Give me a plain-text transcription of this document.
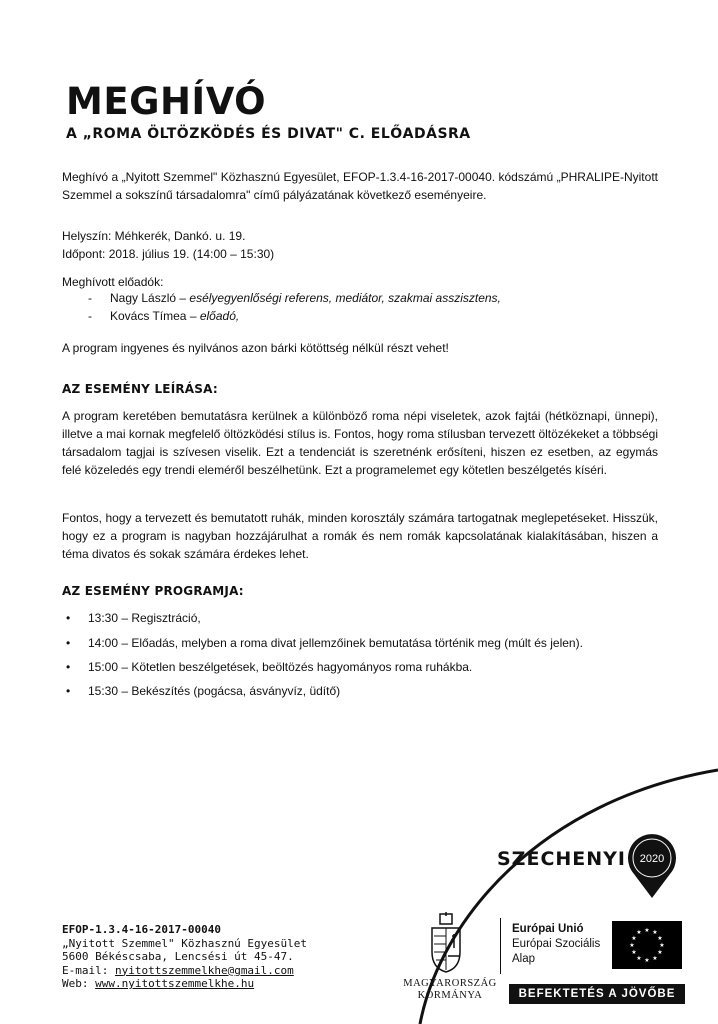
MEGHÍVÓ
A „ROMA ÖLTÖZKÖDÉS ÉS DIVAT" C. ELŐADÁSRA
Meghívó a „Nyitott Szemmel" Közhasznú Egyesület, EFOP-1.3.4-16-2017-00040. kódszámú „PHRALIPE-Nyitott Szemmel a sokszínű társadalomra" című pályázatának következő eseményeire.
Helyszín: Méhkerék, Dankó. u. 19.
Időpont: 2018. július 19. (14:00 – 15:30)
Meghívott előadók:
- Nagy László – esélyegyenlőségi referens, mediátor, szakmai asszisztens,
- Kovács Tímea – előadó,
A program ingyenes és nyilvános azon bárki kötöttség nélkül részt vehet!
AZ ESEMÉNY LEÍRÁSA:
A program keretében bemutatásra kerülnek a különböző roma népi viseletek, azok fajtái (hétköznapi, ünnepi), illetve a mai kornak megfelelő öltözködési stílus is. Fontos, hogy roma stílusban tervezett öltözékeket a többségi társadalom tagjai is szívesen viselik. Ezt a tendenciát is szeretnénk erősíteni, hiszen ez esetben, az egymás felé közeledés egy trendi eleméről beszélhetünk. Ezt a programelemet egy kötetlen beszélgetés kíséri.
Fontos, hogy a tervezett és bemutatott ruhák, minden korosztály számára tartogatnak meglepetéseket. Hisszük, hogy ez a program is nagyban hozzájárulhat a romák és nem romák kapcsolatának kialakításában, hiszen a téma divatos és sokak számára érdekes lehet.
AZ ESEMÉNY PROGRAMJA:
• 13:30 – Regisztráció,
• 14:00 – Előadás, melyben a roma divat jellemzőinek bemutatása történik meg (múlt és jelen).
• 15:00 – Kötetlen beszélgetések, beöltözés hagyományos roma ruhákba.
• 15:30 – Bekészítés (pogácsa, ásványvíz, üdítő)
SZÉCHENYI 2020
EFOP-1.3.4-16-2017-00040
„Nyitott Szemmel" Közhasznú Egyesület
5600 Békéscsaba, Lencsési út 45-47.
E-mail: nyitottszemmelkhe@gmail.com
Web: www.nyitottszemmelkhe.hu	MAGYARORSZÁG
KORMÁNYA
Európai Unió
Európai Szociális
Alap
★ ★
★
★
★
★
★
★
★
★
★
★
BEFEKTETÉS A JÖVŐBE
